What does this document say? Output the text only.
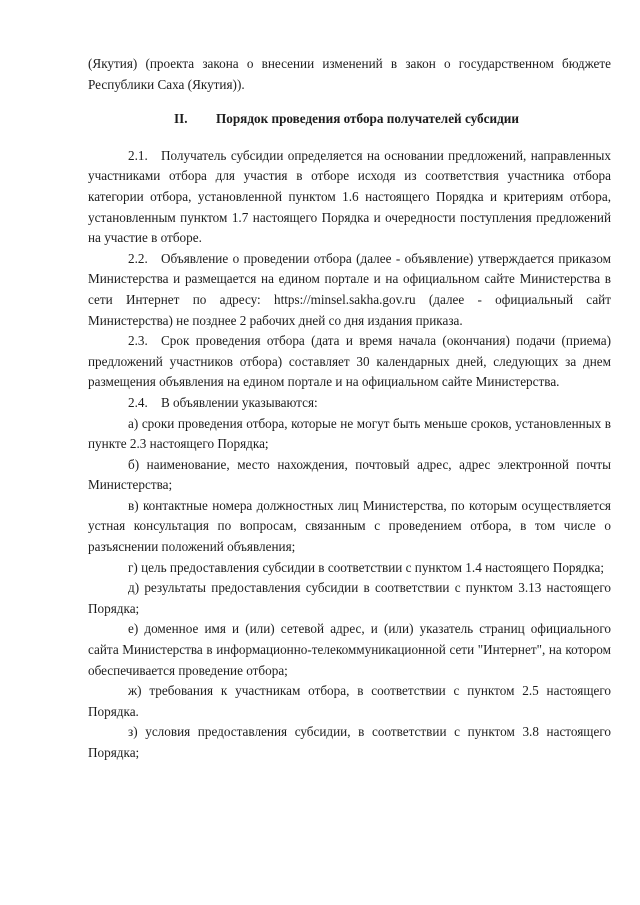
(Якутия) (проекта закона о внесении изменений в закон о государственном бюджете Республики Саха (Якутия)).

II. Порядок проведения отбора получателей субсидии

2.1. Получатель субсидии определяется на основании предложений, направленных участниками отбора для участия в отборе исходя из соответствия участника отбора категории отбора, установленной пунктом 1.6 настоящего Порядка и критериям отбора, установленным пунктом 1.7 настоящего Порядка и очередности поступления предложений на участие в отборе.

2.2. Объявление о проведении отбора (далее - объявление) утверждается приказом Министерства и размещается на едином портале и на официальном сайте Министерства в сети Интернет по адресу: https://minsel.sakha.gov.ru (далее - официальный сайт Министерства) не позднее 2 рабочих дней со дня издания приказа.

2.3. Срок проведения отбора (дата и время начала (окончания) подачи (приема) предложений участников отбора) составляет 30 календарных дней, следующих за днем размещения объявления на едином портале и на официальном сайте Министерства.

2.4. В объявлении указываются:

а) сроки проведения отбора, которые не могут быть меньше сроков, установленных в пункте 2.3 настоящего Порядка;

б) наименование, место нахождения, почтовый адрес, адрес электронной почты Министерства;

в) контактные номера должностных лиц Министерства, по которым осуществляется устная консультация по вопросам, связанным с проведением отбора, в том числе о разъяснении положений объявления;

г) цель предоставления субсидии в соответствии с пунктом 1.4 настоящего Порядка;

д) результаты предоставления субсидии в соответствии с пунктом 3.13 настоящего Порядка;

е) доменное имя и (или) сетевой адрес, и (или) указатель страниц официального сайта Министерства в информационно-телекоммуникационной сети "Интернет", на котором обеспечивается проведение отбора;

ж) требования к участникам отбора, в соответствии с пунктом 2.5 настоящего Порядка.

з) условия предоставления субсидии, в соответствии с пунктом 3.8 настоящего Порядка;
